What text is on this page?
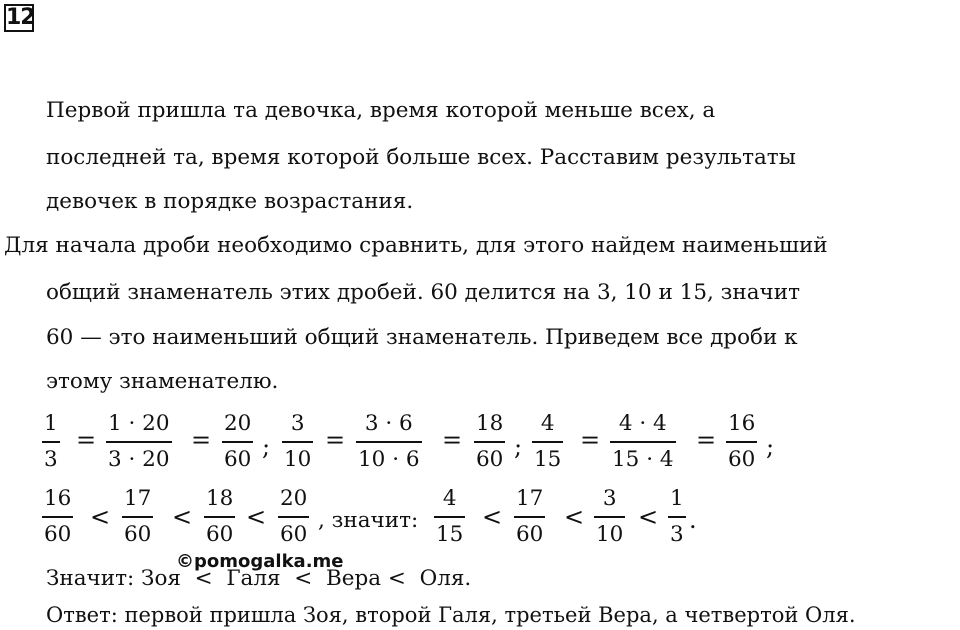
12
Первой пришла та девочка, время которой меньше всех, а
последней та, время которой больше всех. Расставим результаты
девочек в порядке возрастания.
Для начала дроби необходимо сравнить, для этого найдем наименьший
общий знаменатель этих дробей. 60 делится на 3, 10 и 15, значит
60 — это наименьший общий знаменатель. Приведем все дроби к
этому знаменателю.
$\frac{1}{3} = \frac{1 \cdot 20}{3 \cdot 20} = \frac{20}{60}$ ; $\frac{3}{10} = \frac{3 \cdot 6}{10 \cdot 6} = \frac{18}{60}$ ; $\frac{4}{15} = \frac{4 \cdot 4}{15 \cdot 4} = \frac{16}{60}$ ;
$\frac{16}{60} < \frac{17}{60} < \frac{18}{60} < \frac{20}{60}$ , значит: $\frac{4}{15} < \frac{17}{60} < \frac{3}{10} < \frac{1}{3}$ .
©pomogalka.me
Значит: Зоя  <  Галя  <  Вера <  Оля.
Ответ: первой пришла Зоя, второй Галя, третьей Вера, а четвертой Оля.
